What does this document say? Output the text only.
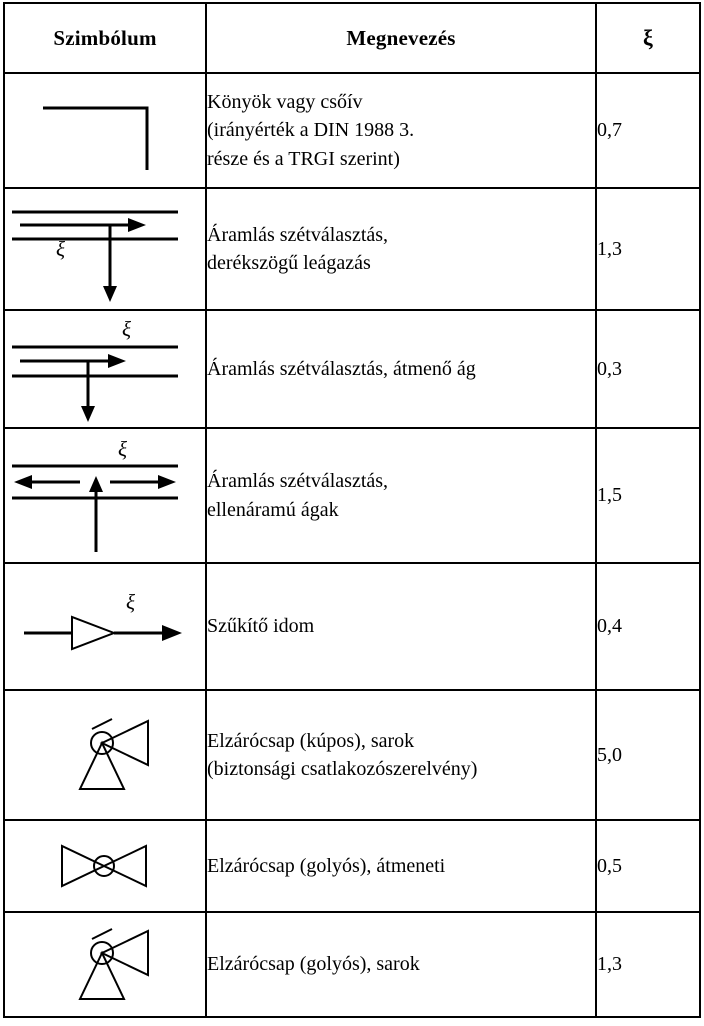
Szimbólum	Megnevezés	ξ

Könyök vagy csőív
(irányérték a DIN 1988 3.
része és a TRGI szerint)	0,7

ξ	Áramlás szétválasztás,
derékszögű leágazás	1,3

ξ	Áramlás szétválasztás, átmenő ág	0,3

ξ	Áramlás szétválasztás,
ellenáramú ágak	1,5

ξ	Szűkítő idom	0,4

Elzárócsap (kúpos), sarok
(biztonsági csatlakozószerelvény)	5,0

Elzárócsap (golyós), átmeneti	0,5

Elzárócsap (golyós), sarok	1,3
